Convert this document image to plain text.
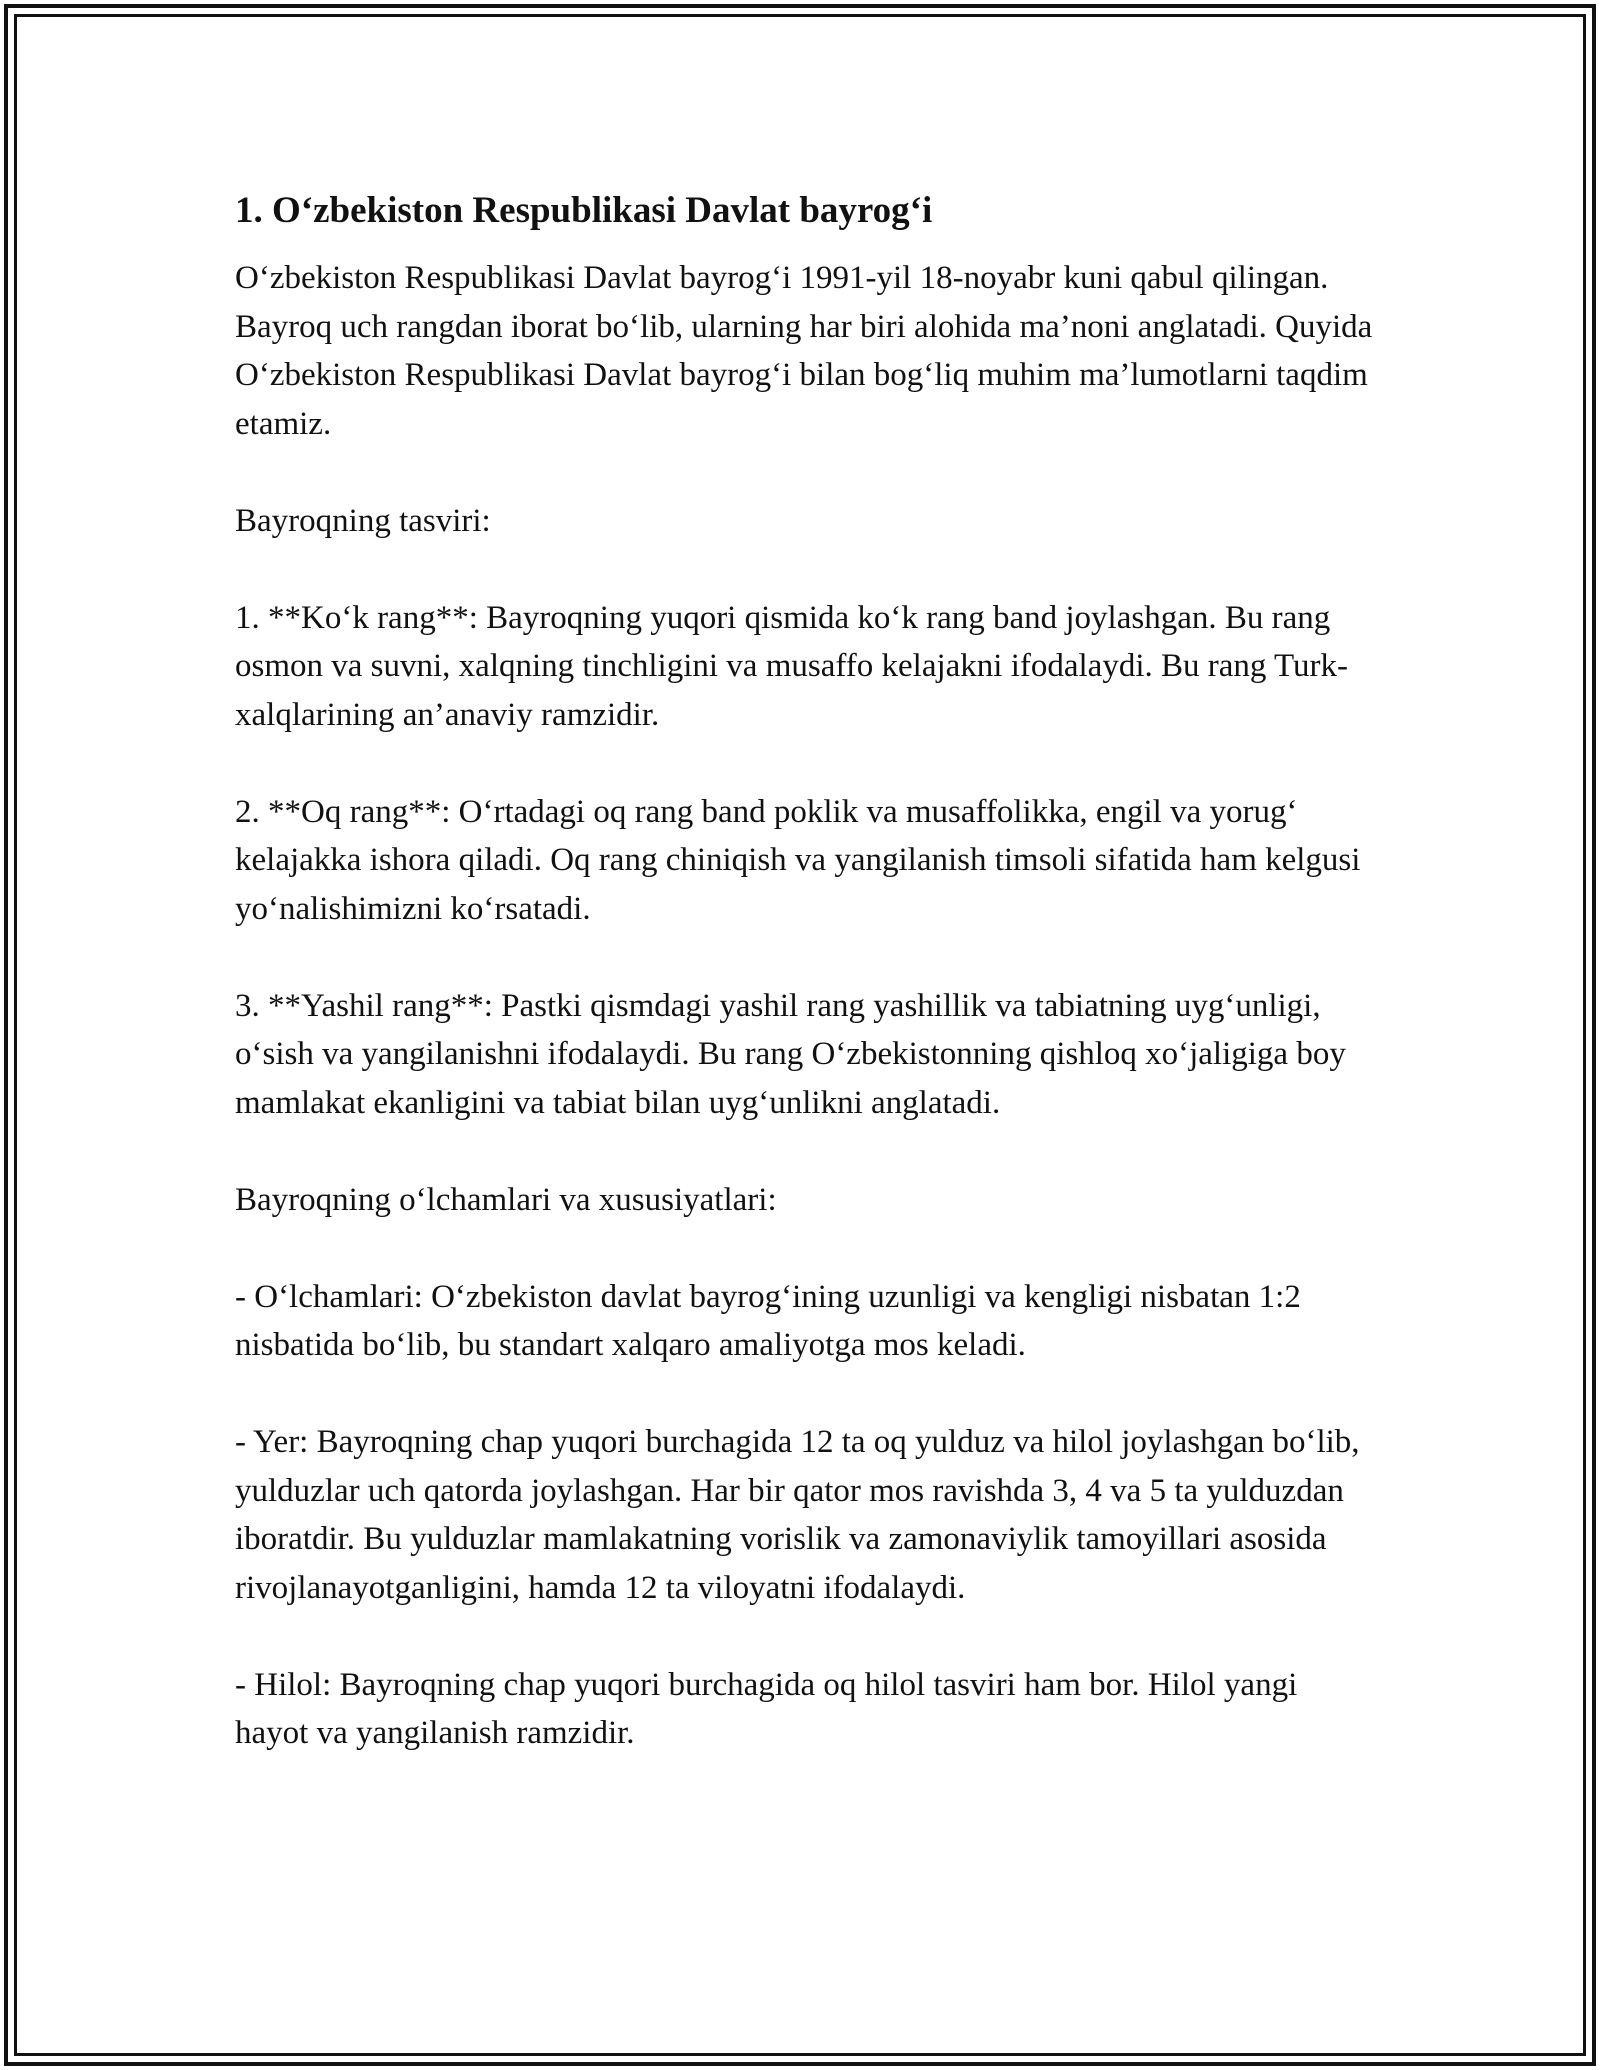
1. O‘zbekiston Respublikasi Davlat bayrog‘i

O‘zbekiston Respublikasi Davlat bayrog‘i 1991-yil 18-noyabr kuni qabul qilingan. Bayroq uch rangdan iborat bo‘lib, ularning har biri alohida ma’noni anglatadi. Quyida O‘zbekiston Respublikasi Davlat bayrog‘i bilan bog‘liq muhim ma’lumotlarni taqdim etamiz.

Bayroqning tasviri:

1. **Ko‘k rang**: Bayroqning yuqori qismida ko‘k rang band joylashgan. Bu rang osmon va suvni, xalqning tinchligini va musaffo kelajakni ifodalaydi. Bu rang Turk-xalqlarining an’anaviy ramzidir.

2. **Oq rang**: O‘rtadagi oq rang band poklik va musaffolikka, engil va yorug‘ kelajakka ishora qiladi. Oq rang chiniqish va yangilanish timsoli sifatida ham kelgusi yo‘nalishimizni ko‘rsatadi.

3. **Yashil rang**: Pastki qismdagi yashil rang yashillik va tabiatning uyg‘unligi, o‘sish va yangilanishni ifodalaydi. Bu rang O‘zbekistonning qishloq xo‘jaligiga boy mamlakat ekanligini va tabiat bilan uyg‘unlikni anglatadi.

Bayroqning o‘lchamlari va xususiyatlari:

- O‘lchamlari: O‘zbekiston davlat bayrog‘ining uzunligi va kengligi nisbatan 1:2 nisbatida bo‘lib, bu standart xalqaro amaliyotga mos keladi.

- Yer: Bayroqning chap yuqori burchagida 12 ta oq yulduz va hilol joylashgan bo‘lib, yulduzlar uch qatorda joylashgan. Har bir qator mos ravishda 3, 4 va 5 ta yulduzdan iboratdir. Bu yulduzlar mamlakatning vorislik va zamonaviylik tamoyillari asosida rivojlanayotganligini, hamda 12 ta viloyatni ifodalaydi.

- Hilol: Bayroqning chap yuqori burchagida oq hilol tasviri ham bor. Hilol yangi hayot va yangilanish ramzidir.
